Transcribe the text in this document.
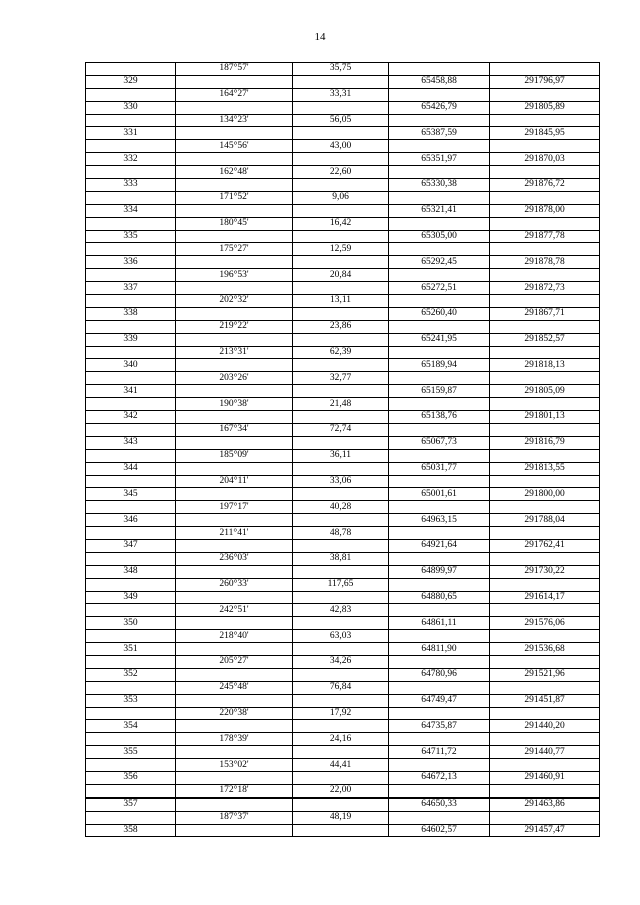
14
	187°57'	35,75		
329			65458,88	291796,97
	164°27'	33,31		
330			65426,79	291805,89
	134°23'	56,05		
331			65387,59	291845,95
	145°56'	43,00		
332			65351,97	291870,03
	162°48'	22,60		
333			65330,38	291876,72
	171°52'	9,06		
334			65321,41	291878,00
	180°45'	16,42		
335			65305,00	291877,78
	175°27'	12,59		
336			65292,45	291878,78
	196°53'	20,84		
337			65272,51	291872,73
	202°32'	13,11		
338			65260,40	291867,71
	219°22'	23,86		
339			65241,95	291852,57
	213°31'	62,39		
340			65189,94	291818,13
	203°26'	32,77		
341			65159,87	291805,09
	190°38'	21,48		
342			65138,76	291801,13
	167°34'	72,74		
343			65067,73	291816,79
	185°09'	36,11		
344			65031,77	291813,55
	204°11'	33,06		
345			65001,61	291800,00
	197°17'	40,28		
346			64963,15	291788,04
	211°41'	48,78		
347			64921,64	291762,41
	236°03'	38,81		
348			64899,97	291730,22
	260°33'	117,65		
349			64880,65	291614,17
	242°51'	42,83		
350			64861,11	291576,06
	218°40'	63,03		
351			64811,90	291536,68
	205°27'	34,26		
352			64780,96	291521,96
	245°48'	76,84		
353			64749,47	291451,87
	220°38'	17,92		
354			64735,87	291440,20
	178°39'	24,16		
355			64711,72	291440,77
	153°02'	44,41		
356			64672,13	291460,91
	172°18'	22,00		
357			64650,33	291463,86
	187°37'	48,19		
358			64602,57	291457,47
